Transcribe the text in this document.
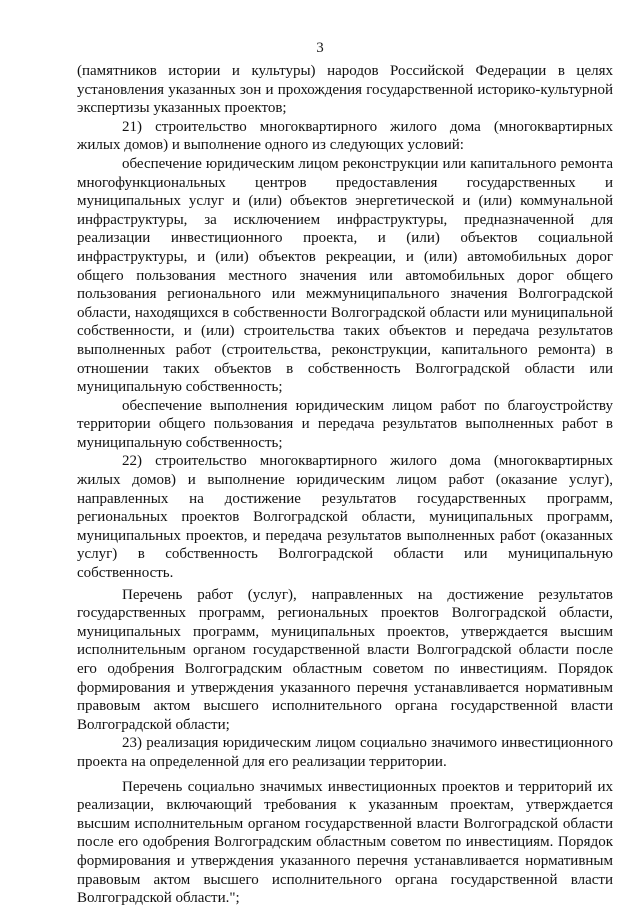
3

(памятников истории и культуры) народов Российской Федерации в целях установления указанных зон и прохождения государственной историко-культурной экспертизы указанных проектов;

21) строительство многоквартирного жилого дома (многоквартирных жилых домов) и выполнение одного из следующих условий:

обеспечение юридическим лицом реконструкции или капитального ремонта многофункциональных центров предоставления государственных и муниципальных услуг и (или) объектов энергетической и (или) коммунальной инфраструктуры, за исключением инфраструктуры, предназначенной для реализации инвестиционного проекта, и (или) объектов социальной инфраструктуры, и (или) объектов рекреации, и (или) автомобильных дорог общего пользования местного значения или автомобильных дорог общего пользования регионального или межмуниципального значения Волгоградской области, находящихся в собственности Волгоградской области или муниципальной собственности, и (или) строительства таких объектов и передача результатов выполненных работ (строительства, реконструкции, капитального ремонта) в отношении таких объектов в собственность Волгоградской области или муниципальную собственность;

обеспечение выполнения юридическим лицом работ по благоустройству территории общего пользования и передача результатов выполненных работ в муниципальную собственность;

22) строительство многоквартирного жилого дома (многоквартирных жилых домов) и выполнение юридическим лицом работ (оказание услуг), направленных на достижение результатов государственных программ, региональных проектов Волгоградской области, муниципальных программ, муниципальных проектов, и передача результатов выполненных работ (оказанных услуг) в собственность Волгоградской области или муниципальную собственность.

Перечень работ (услуг), направленных на достижение результатов государственных программ, региональных проектов Волгоградской области, муниципальных программ, муниципальных проектов, утверждается высшим исполнительным органом государственной власти Волгоградской области после его одобрения Волгоградским областным советом по инвестициям. Порядок формирования и утверждения указанного перечня устанавливается нормативным правовым актом высшего исполнительного органа государственной власти Волгоградской области;

23) реализация юридическим лицом социально значимого инвестиционного проекта на определенной для его реализации территории.

Перечень социально значимых инвестиционных проектов и территорий их реализации, включающий требования к указанным проектам, утверждается высшим исполнительным органом государственной власти Волгоградской области после его одобрения Волгоградским областным советом по инвестициям. Порядок формирования и утверждения указанного перечня устанавливается нормативным правовым актом высшего исполнительного органа государственной власти Волгоградской области.";
